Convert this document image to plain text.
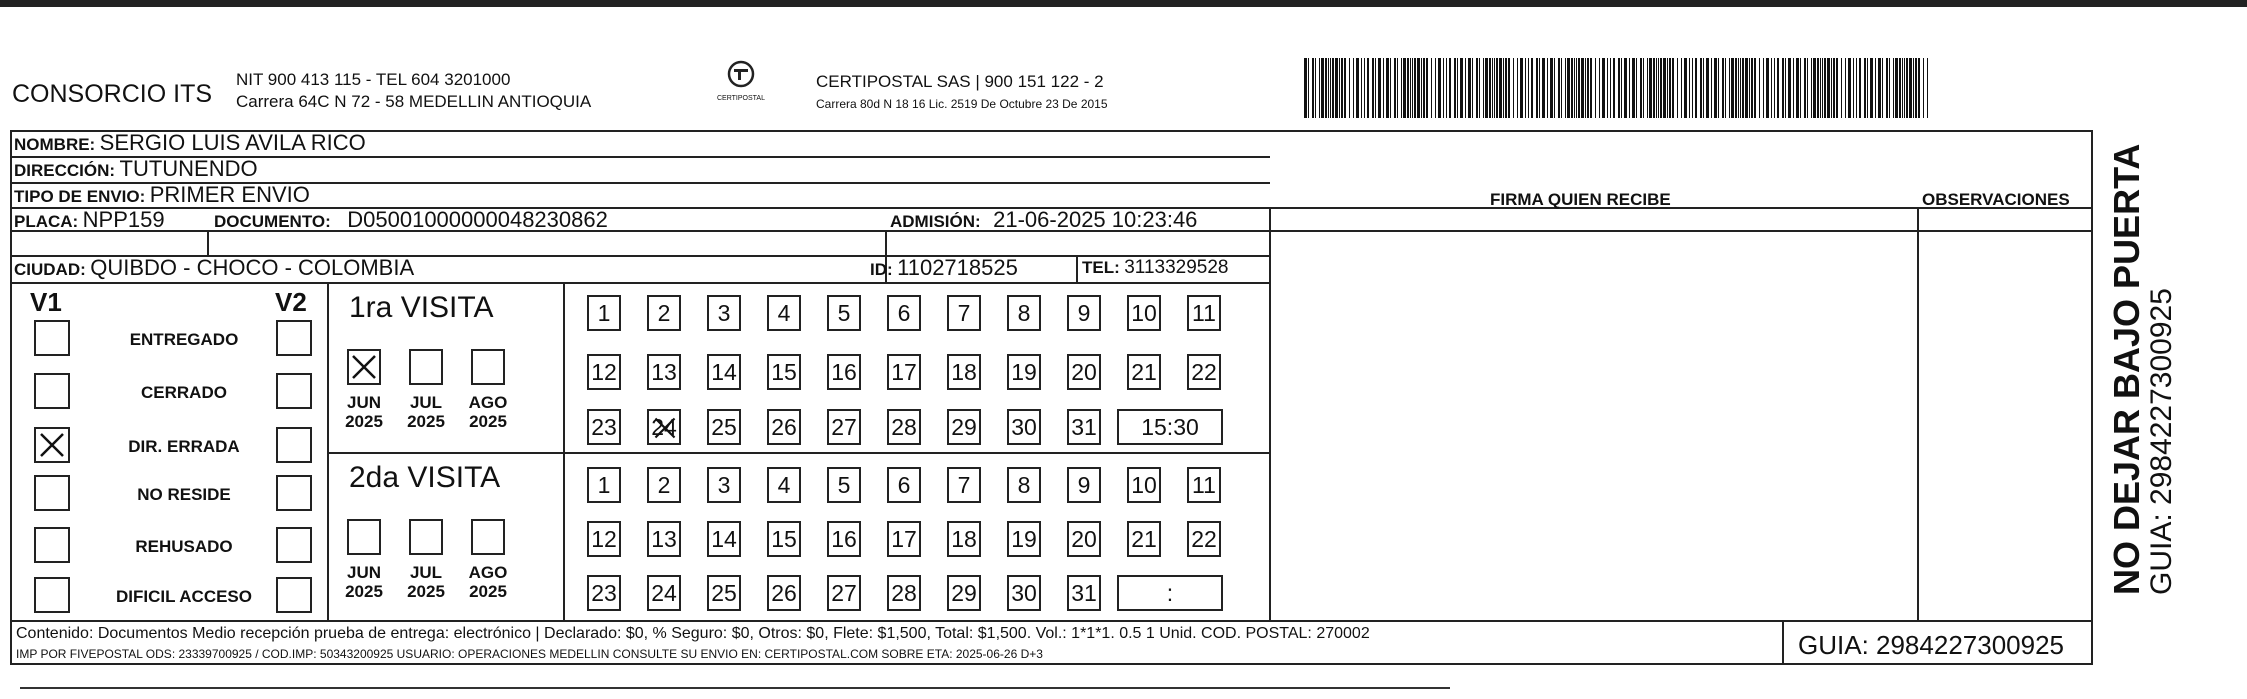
CONSORCIO ITS
NIT 900 413 115 - TEL 604 3201000
Carrera 64C N 72 - 58 MEDELLIN ANTIOQUIA	CERTIPOSTAL
CERTIPOSTAL SAS | 900 151 122 - 2
Carrera 80d N 18 16 Lic. 2519 De Octubre 23 De 2015
NOMBRE: SERGIO LUIS AVILA RICO
DIRECCIÓN: TUTUNENDO
TIPO DE ENVIO: PRIMER ENVIO	FIRMA QUIEN RECIBE	OBSERVACIONES
PLACA: NPP159	DOCUMENTO: D05001000000048230862	ADMISIÓN: 21-06-2025 10:23:46
CIUDAD: QUIBDO - CHOCO - COLOMBIA	ID: 1102718525	TEL: 3113329528
V1	V2
ENTREGADO
CERRADO
DIR. ERRADA
NO RESIDE
REHUSADO
DIFICIL ACCESO
1ra VISITA
2da VISITA
JUN
2025
JUL
2025
AGO
2025
JUN
2025
JUL
2025
AGO
2025
1 2 3 4 5 6 7 8 9 10 11
12 13 14 15 16 17 18 19 20 21 22
23 24 25 26 27 28 29 30 31	15:30
1 2 3 4 5 6 7 8 9 10 11
12 13 14 15 16 17 18 19 20 21 22
23 24 25 26 27 28 29 30 31	:
Contenido: Documentos Medio recepción prueba de entrega: electrónico | Declarado: $0, % Seguro: $0, Otros: $0, Flete: $1,500, Total: $1,500. Vol.: 1*1*1. 0.5 1 Unid. COD. POSTAL: 270002
IMP POR FIVEPOSTAL ODS: 23339700925 / COD.IMP: 50343200925 USUARIO: OPERACIONES MEDELLIN CONSULTE SU ENVIO EN: CERTIPOSTAL.COM SOBRE ETA: 2025-06-26 D+3	GUIA: 2984227300925
NO DEJAR BAJO PUERTA
GUIA: 2984227300925
